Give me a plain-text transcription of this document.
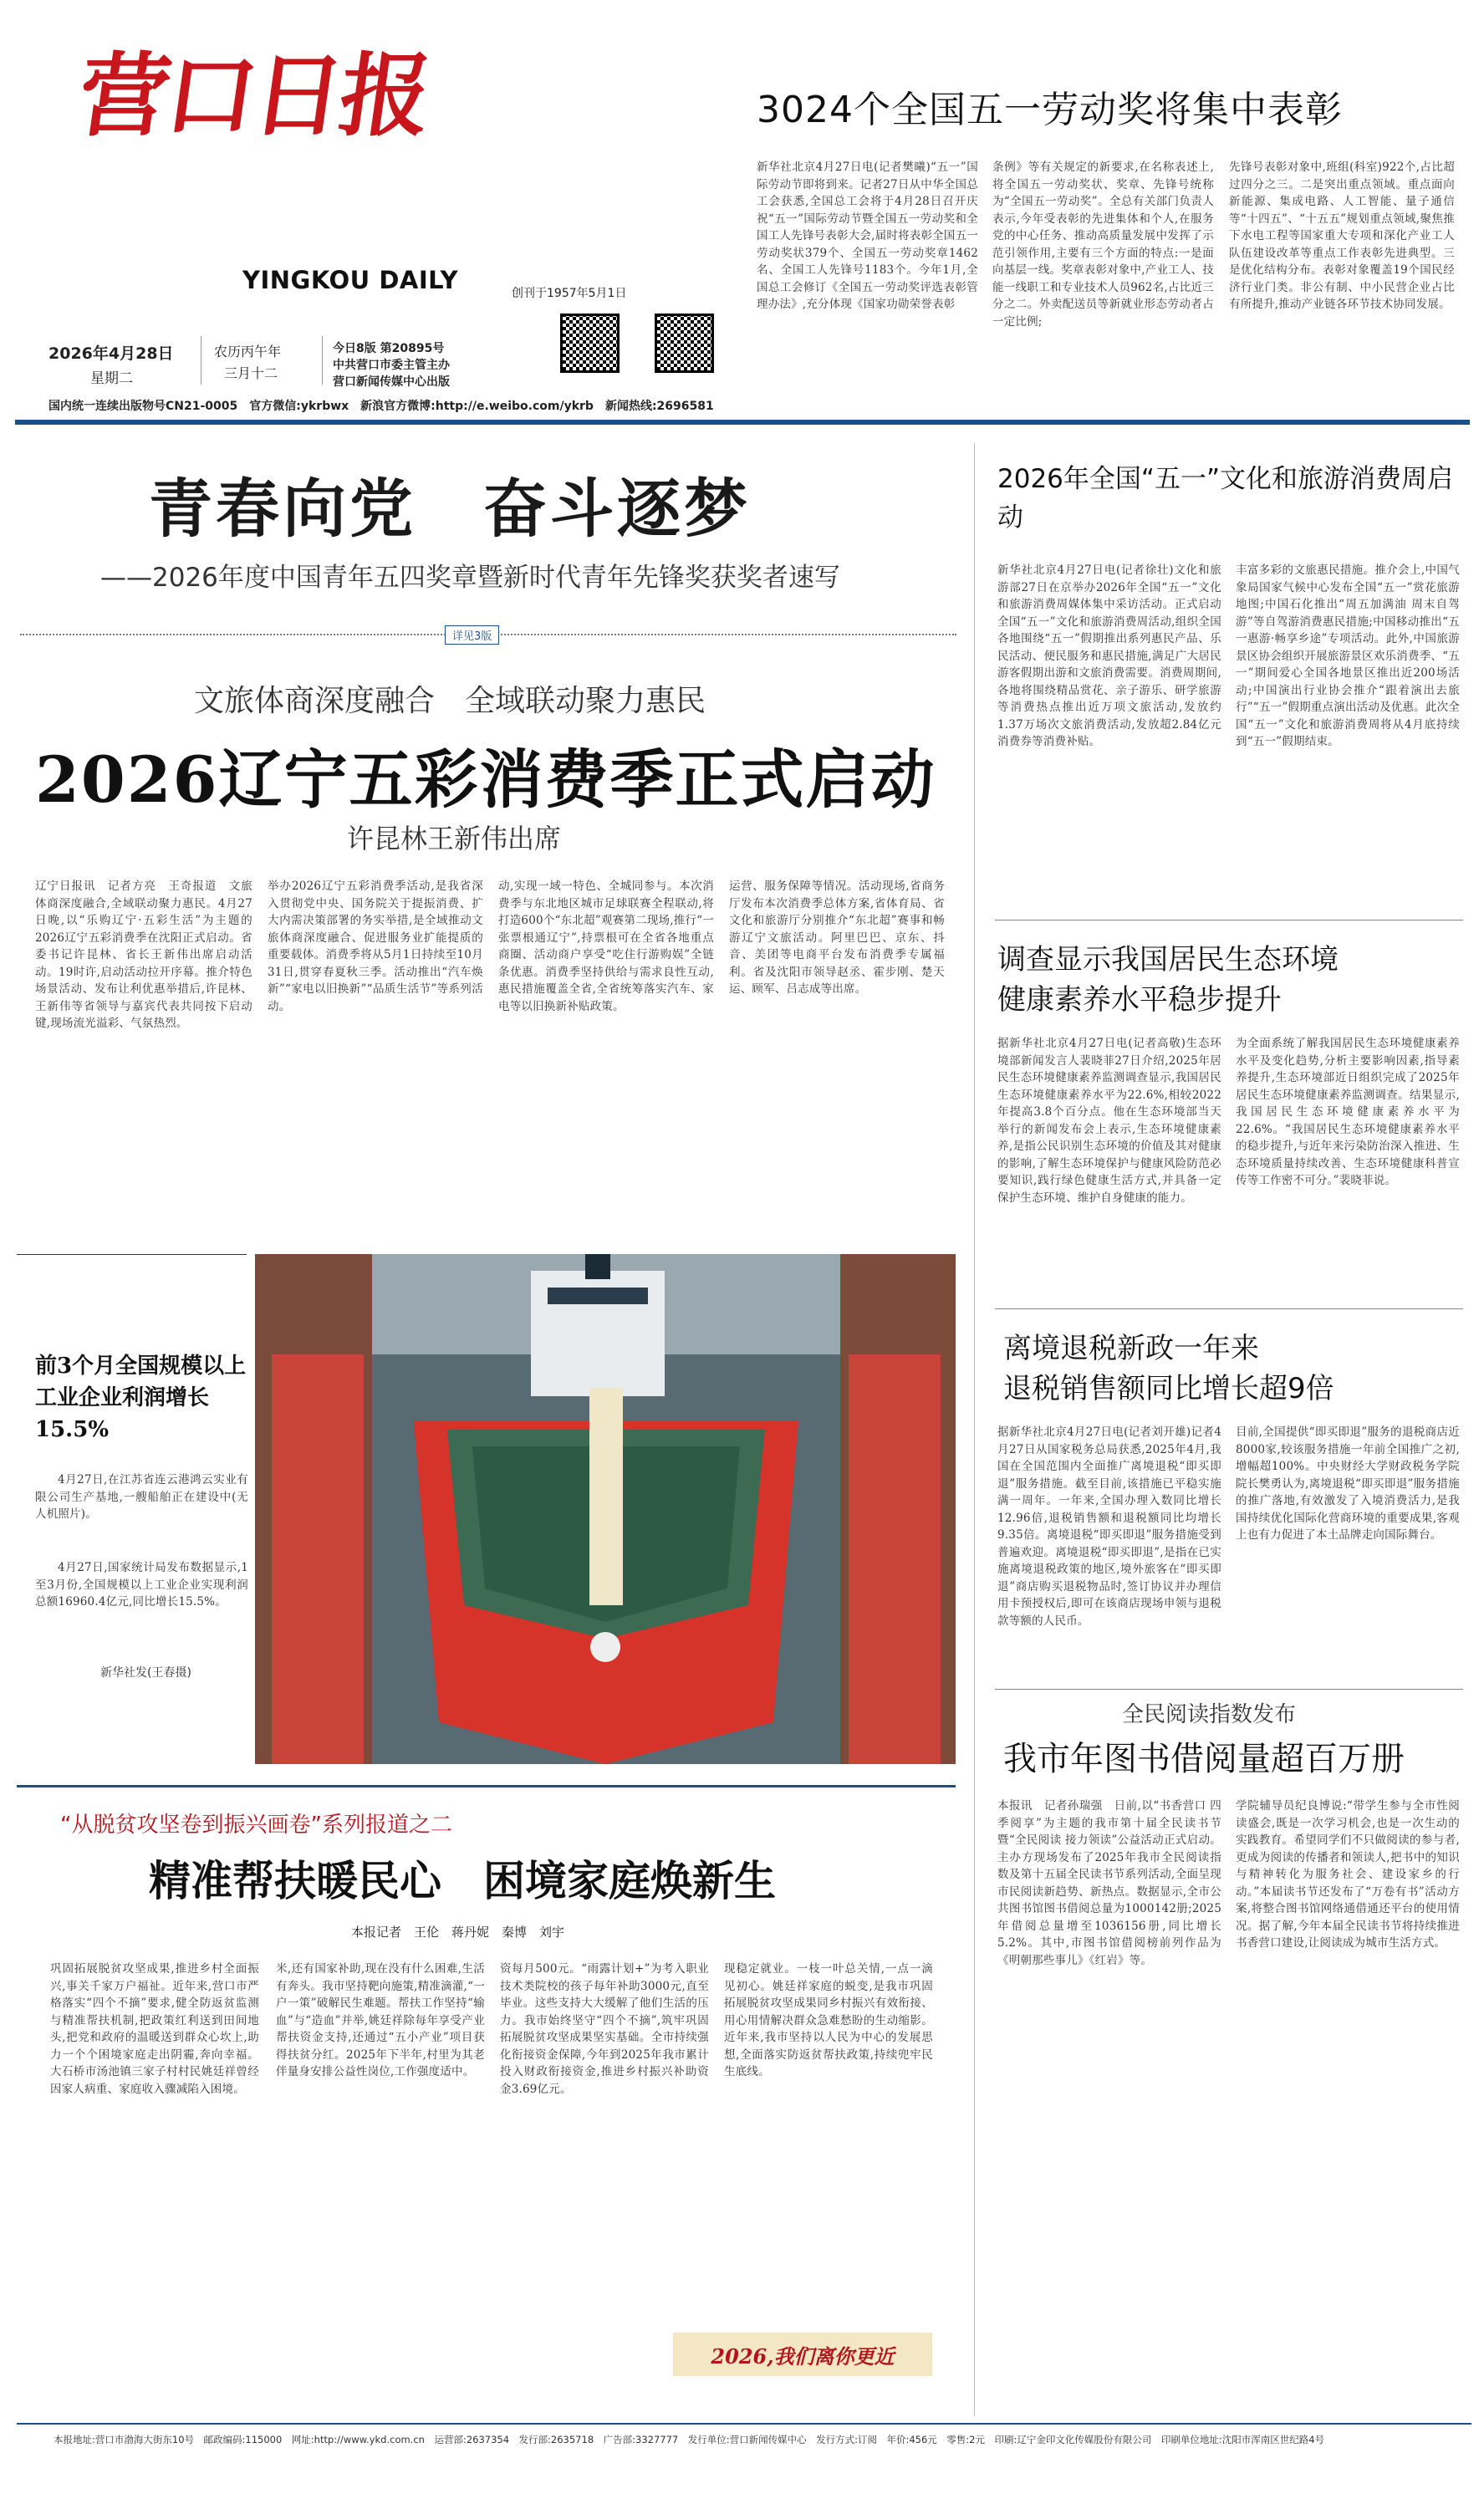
营口日报
YINGKOU DAILY	创刊于1957年5月1日
2026年4月28日
星期二
农历丙午年
三月十二
今日8版 第20895号
中共营口市委主管主办
营口新闻传媒中心出版
国内统一连续出版物号CN21-0005　官方微信:ykrbwx　新浪官方微博:http://e.weibo.com/ykrb　新闻热线:2696581
3024个全国五一劳动奖将集中表彰
新华社北京4月27日电(记者樊曦)“五一”国际劳动节即将到来。记者27日从中华全国总工会获悉,全国总工会将于4月28日召开庆祝“五一”国际劳动节暨全国五一劳动奖和全国工人先锋号表彰大会,届时将表彰全国五一劳动奖状379个、全国五一劳动奖章1462名、全国工人先锋号1183个。今年1月,全国总工会修订《全国五一劳动奖评选表彰管理办法》,充分体现《国家功勋荣誉表彰
条例》等有关规定的新要求,在名称表述上,将全国五一劳动奖状、奖章、先锋号统称为“全国五一劳动奖”。全总有关部门负责人表示,今年受表彰的先进集体和个人,在服务党的中心任务、推动高质量发展中发挥了示范引领作用,主要有三个方面的特点:一是面向基层一线。奖章表彰对象中,产业工人、技能一线职工和专业技术人员962名,占比近三分之二。外卖配送员等新就业形态劳动者占一定比例;
先锋号表彰对象中,班组(科室)922个,占比超过四分之三。二是突出重点领域。重点面向新能源、集成电路、人工智能、量子通信等“十四五”、“十五五”规划重点领域,聚焦推下水电工程等国家重大专项和深化产业工人队伍建设改革等重点工作表彰先进典型。三是优化结构分布。表彰对象覆盖19个国民经济行业门类。非公有制、中小民营企业占比有所提升,推动产业链各环节技术协同发展。
青春向党　奋斗逐梦
——2026年度中国青年五四奖章暨新时代青年先锋奖获奖者速写
详见3版
文旅体商深度融合　全域联动聚力惠民
2026辽宁五彩消费季正式启动
许昆林王新伟出席
辽宁日报讯　记者方亮　王奇报道　文旅体商深度融合,全域联动聚力惠民。4月27日晚,以“乐购辽宁·五彩生活”为主题的2026辽宁五彩消费季在沈阳正式启动。省委书记许昆林、省长王新伟出席启动活动。19时许,启动活动拉开序幕。推介特色场景活动、发布让利优惠举措后,许昆林、王新伟等省领导与嘉宾代表共同按下启动键,现场流光溢彩、气氛热烈。
举办2026辽宁五彩消费季活动,是我省深入贯彻党中央、国务院关于提振消费、扩大内需决策部署的务实举措,是全域推动文旅体商深度融合、促进服务业扩能提质的重要载体。消费季将从5月1日持续至10月31日,贯穿春夏秋三季。活动推出“汽车焕新”“家电以旧换新”“品质生活节”等系列活动。
动,实现一域一特色、全城同参与。本次消费季与东北地区城市足球联赛全程联动,将打造600个“东北超”观赛第二现场,推行“一张票根通辽宁”,持票根可在全省各地重点商圈、活动商户享受“吃住行游购娱”全链条优惠。消费季坚持供给与需求良性互动,惠民措施覆盖全省,全省统筹落实汽车、家电等以旧换新补贴政策。
运营、服务保障等情况。活动现场,省商务厅发布本次消费季总体方案,省体育局、省文化和旅游厅分别推介“东北超”赛事和畅游辽宁文旅活动。阿里巴巴、京东、抖音、美团等电商平台发布消费季专属福利。省及沈阳市领导赵丞、霍步刚、楚天运、顾军、吕志成等出席。
前3个月全国规模以上工业企业利润增长15.5%
4月27日,在江苏省连云港鸿云实业有限公司生产基地,一艘船舶正在建设中(无人机照片)。
4月27日,国家统计局发布数据显示,1至3月份,全国规模以上工业企业实现利润总额16960.4亿元,同比增长15.5%。
新华社发(王春摄)
“从脱贫攻坚卷到振兴画卷”系列报道之二
精准帮扶暖民心　困境家庭焕新生
本报记者　王伦　蒋丹妮　秦博　刘宇
巩固拓展脱贫攻坚成果,推进乡村全面振兴,事关千家万户福祉。近年来,营口市严格落实“四个不摘”要求,健全防返贫监测与精准帮扶机制,把政策红利送到田间地头,把党和政府的温暖送到群众心坎上,助力一个个困境家庭走出阴霾,奔向幸福。大石桥市汤池镇三家子村村民姚廷祥曾经因家人病重、家庭收入骤减陷入困境。
米,还有国家补助,现在没有什么困难,生活有奔头。我市坚持靶向施策,精准滴灌,“一户一策”破解民生难题。帮扶工作坚持“输血”与“造血”并举,姚廷祥除每年享受产业帮扶资金支持,还通过“五小产业”项目获得扶贫分红。2025年下半年,村里为其老伴量身安排公益性岗位,工作强度适中。
资每月500元。“雨露计划+”为考入职业技术类院校的孩子每年补助3000元,直至毕业。这些支持大大缓解了他们生活的压力。我市始终坚守“四个不摘”,筑牢巩固拓展脱贫攻坚成果坚实基础。全市持续强化衔接资金保障,今年到2025年我市累计投入财政衔接资金,推进乡村振兴补助资金3.69亿元。
现稳定就业。一枝一叶总关情,一点一滴见初心。姚廷祥家庭的蜕变,是我市巩固拓展脱贫攻坚成果同乡村振兴有效衔接、用心用情解决群众急难愁盼的生动缩影。近年来,我市坚持以人民为中心的发展思想,全面落实防返贫帮扶政策,持续兜牢民生底线。
2026,我们离你更近
2026年全国“五一”文化和旅游消费周启动
新华社北京4月27日电(记者徐壮)文化和旅游部27日在京举办2026年全国“五一”文化和旅游消费周媒体集中采访活动。正式启动全国“五一”文化和旅游消费周活动,组织全国各地围绕“五一”假期推出系列惠民产品、乐民活动、便民服务和惠民措施,满足广大居民游客假期出游和文旅消费需要。消费周期间,各地将围绕精品赏花、亲子游乐、研学旅游等消费热点推出近万项文旅活动,发放约1.37万场次文旅消费活动,发放超2.84亿元消费券等消费补贴。
丰富多彩的文旅惠民措施。推介会上,中国气象局国家气候中心发布全国“五一”赏花旅游地图;中国石化推出“周五加满油 周末自驾游”等自驾游消费惠民措施;中国移动推出“五一惠游·畅享乡途”专项活动。此外,中国旅游景区协会组织开展旅游景区欢乐消费季、“五一”期间爱心全国各地景区推出近200场活动;中国演出行业协会推介“跟着演出去旅行”“五一”假期重点演出活动及优惠。此次全国“五一”文化和旅游消费周将从4月底持续到“五一”假期结束。
调查显示我国居民生态环境
健康素养水平稳步提升
据新华社北京4月27日电(记者高敬)生态环境部新闻发言人裴晓菲27日介绍,2025年居民生态环境健康素养监测调查显示,我国居民生态环境健康素养水平为22.6%,相较2022年提高3.8个百分点。他在生态环境部当天举行的新闻发布会上表示,生态环境健康素养,是指公民识别生态环境的价值及其对健康的影响,了解生态环境保护与健康风险防范必要知识,践行绿色健康生活方式,并具备一定保护生态环境、维护自身健康的能力。
为全面系统了解我国居民生态环境健康素养水平及变化趋势,分析主要影响因素,指导素养提升,生态环境部近日组织完成了2025年居民生态环境健康素养监测调查。结果显示,我国居民生态环境健康素养水平为22.6%。“我国居民生态环境健康素养水平的稳步提升,与近年来污染防治深入推进、生态环境质量持续改善、生态环境健康科普宣传等工作密不可分。”裴晓菲说。
离境退税新政一年来
退税销售额同比增长超9倍
据新华社北京4月27日电(记者刘开雄)记者4月27日从国家税务总局获悉,2025年4月,我国在全国范围内全面推广离境退税“即买即退”服务措施。截至目前,该措施已平稳实施满一周年。一年来,全国办理入数同比增长12.96倍,退税销售额和退税额同比均增长9.35倍。离境退税“即买即退”服务措施受到普遍欢迎。离境退税“即买即退”,是指在已实施离境退税政策的地区,境外旅客在“即买即退”商店购买退税物品时,签订协议并办理信用卡预授权后,即可在该商店现场申领与退税款等额的人民币。
目前,全国提供“即买即退”服务的退税商店近8000家,较该服务措施一年前全国推广之初,增幅超100%。中央财经大学财政税务学院院长樊勇认为,离境退税“即买即退”服务措施的推广落地,有效激发了入境消费活力,是我国持续优化国际化营商环境的重要成果,客观上也有力促进了本土品牌走向国际舞台。
全民阅读指数发布
我市年图书借阅量超百万册
本报讯　记者孙瑞强　日前,以“书香营口 四季阅享”为主题的我市第十届全民读书节暨“全民阅读 接力领读”公益活动正式启动。主办方现场发布了2025年我市全民阅读指数及第十五届全民读书节系列活动,全面呈现市民阅读新趋势、新热点。数据显示,全市公共图书馆图书借阅总量为1000142册;2025年借阅总量增至1036156册,同比增长5.2%。其中,市图书馆借阅榜前列作品为《明朝那些事儿》《红岩》等。
学院辅导员纪良博说:“带学生参与全市性阅读盛会,既是一次学习机会,也是一次生动的实践教育。希望同学们不只做阅读的参与者,更成为阅读的传播者和领读人,把书中的知识与精神转化为服务社会、建设家乡的行动。”本届读书节还发布了“万卷有书”活动方案,将整合图书馆网络通借通还平台的使用情况。据了解,今年本届全民读书节将持续推进书香营口建设,让阅读成为城市生活方式。
本报地址:营口市渤海大街东10号　邮政编码:115000　网址:http://www.ykd.com.cn　运营部:2637354　发行部:2635718　广告部:3327777　发行单位:营口新闻传媒中心　发行方式:订阅　年价:456元　零售:2元　印刷:辽宁金印文化传媒股份有限公司　印刷单位地址:沈阳市浑南区世纪路4号
